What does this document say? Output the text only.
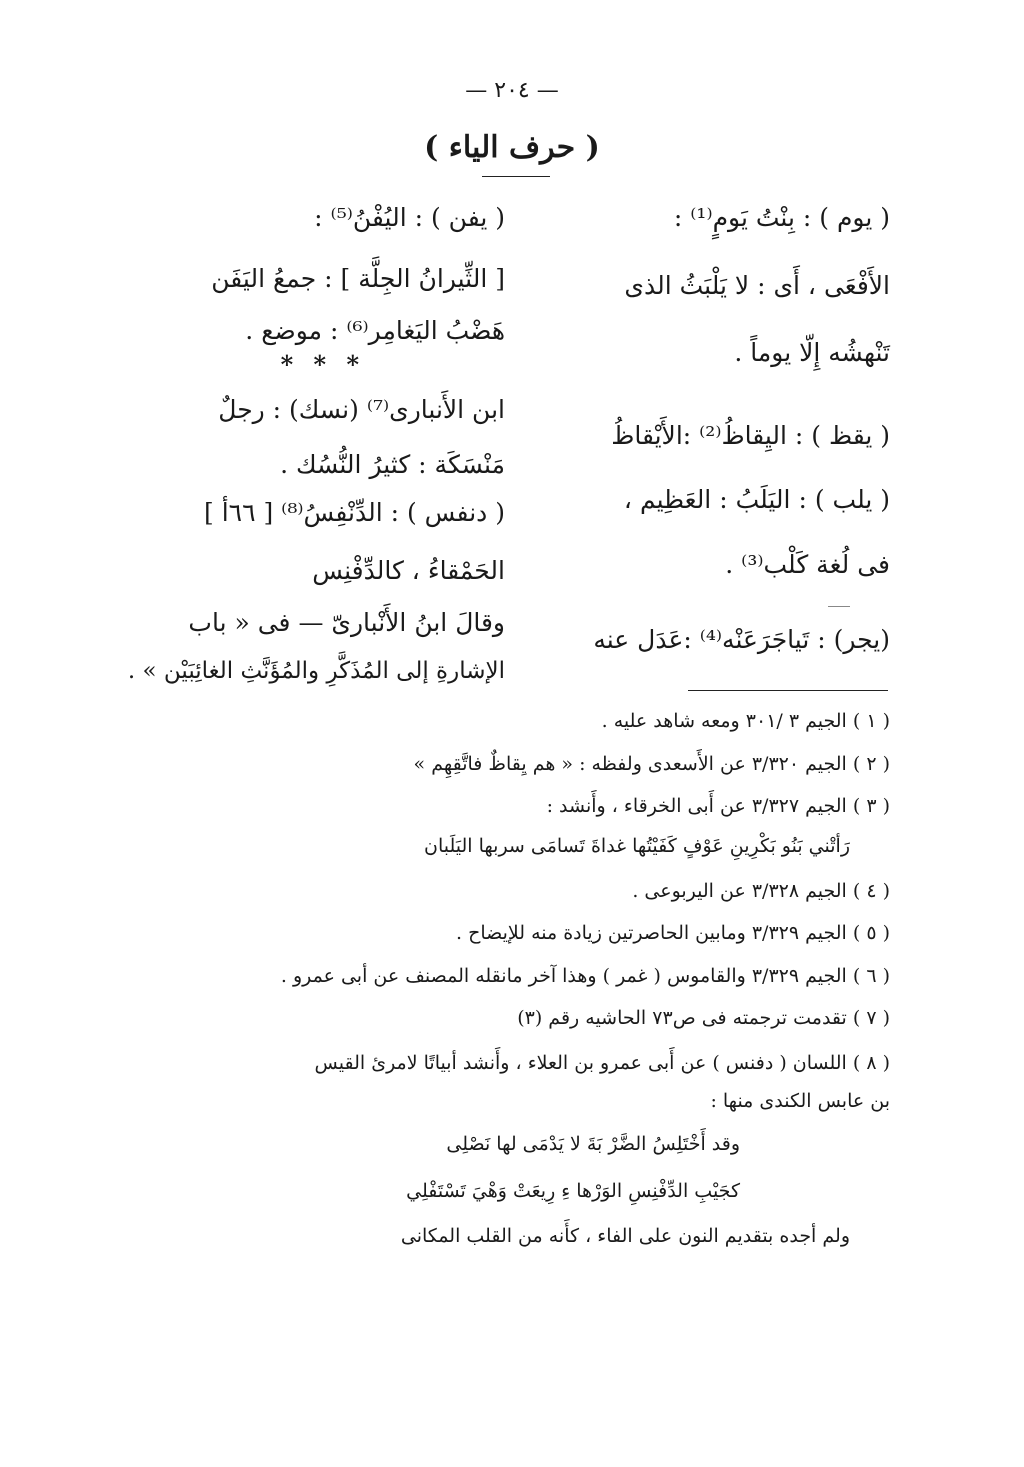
— ٢٠٤ —
( حرف الياء )
( يوم ) : بِنْتُ يَومٍ⁽¹⁾ :
الأَفْعَى ، أَى : لا يَلْبَثُ الذى
تَنْهشُه إِلّا يوماً .
( يقظ ) : اليِقاظُ⁽²⁾ :الأَيْقاظُ
( يلب ) : اليَلَبُ : العَظِيم ،
فى لُغة كَلْب⁽³⁾ .
(يجر) : تَياجَرَعَنْه⁽⁴⁾ :عَدَل عنه
( يفن ) : اليُفْنُ⁽⁵⁾ :
[ الثِّيرانُ الجِلَّة ] : جمعُ اليَفَن
هَضْبُ اليَغامِر⁽⁶⁾ : موضع .
* * *
ابن الأَنبارى⁽⁷⁾ (نسك) : رجلٌ
مَنْسَكَة : كثيرُ النُّسُك .
( دنفس ) : الدِّنْفِسُ⁽⁸⁾ [ ٦٦أ ]
الحَمْقاءُ ، كالدِّفْنِس
وقالَ ابنُ الأَنْبارىّ — فى « باب
الإشارةِ إلى المُذَكَّرِ والمُؤَنَّثِ الغائِبَيْن » .
( ١ ) الجيم ٣ /٣٠١ ومعه شاهد عليه .
( ٢ ) الجيم ٣/٣٢٠ عن الأَسعدى ولفظه : « هم يِقاظٌ فاتَّقِهِم »
( ٣ ) الجيم ٣/٣٢٧ عن أَبى الخرقاء ، وأَنشد :
رَأتْني بَنُو بَكْرِينِ عَوْفٍ كَفَيْتُها غداةَ تَسامَى سربها اليَلَبان
( ٤ ) الجيم ٣/٣٢٨ عن اليربوعى .
( ٥ ) الجيم ٣/٣٢٩ ومابين الحاصرتين زيادة منه للإيضاح .
( ٦ ) الجيم ٣/٣٢٩ والقاموس ( غمر ) وهذا آخر مانقله المصنف عن أبى عمرو .
( ٧ ) تقدمت ترجمته فى ص٧٣ الحاشيه رقم (٣)
( ٨ ) اللسان ( دفنس ) عن أَبى عمرو بن العلاء ، وأَنشد أبياتًا لامرئ القيس
بن عابس الكندى منها :
وقد أَخْتَلِسُ الضَّرْ بَةَ لا يَدْمَى لها نَصْلِى
كجَيْبِ الدِّفْنِسِ الوَرْها ءِ رِيعَتْ وَهْيَ تَسْتَفْلِي
ولم أجده بتقديم النون على الفاء ، كأَنه من القلب المكانى
